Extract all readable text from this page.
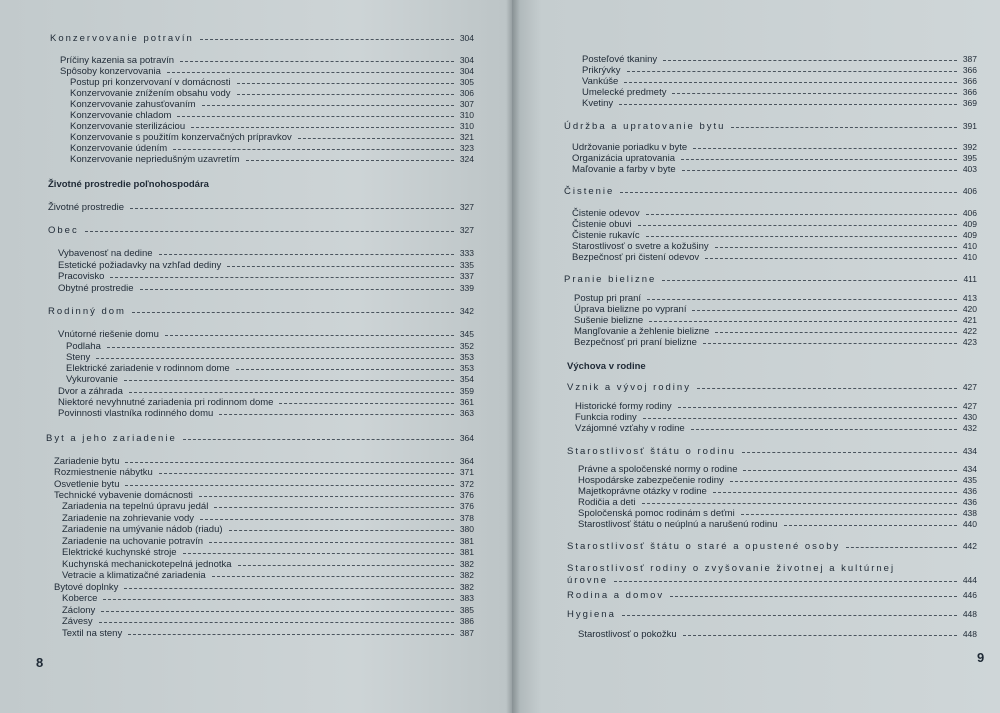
Konzervovanie potravín	304
Príčiny kazenia sa potravín	304
Spôsoby konzervovania	304
Postup pri konzervovaní v domácnosti	305
Konzervovanie znížením obsahu vody	306
Konzervovanie zahusťovaním	307
Konzervovanie chladom	310
Konzervovanie sterilizáciou	310
Konzervovanie s použitím konzervačných prípravkov	321
Konzervovanie údením	323
Konzervovanie nepriedušným uzavretím	324
Životné prostredie poľnohospodára
Životné prostredie	327
Obec	327
Vybavenosť na dedine	333
Estetické požiadavky na vzhľad dediny	335
Pracovisko	337
Obytné prostredie	339
Rodinný dom	342
Vnútorné riešenie domu	345
Podlaha	352
Steny	353
Elektrické zariadenie v rodinnom dome	353
Vykurovanie	354
Dvor a záhrada	359
Niektoré nevyhnutné zariadenia pri rodinnom dome	361
Povinnosti vlastníka rodinného domu	363
Byt a jeho zariadenie	364
Zariadenie bytu	364
Rozmiestnenie nábytku	371
Osvetlenie bytu	372
Technické vybavenie domácnosti	376
Zariadenia na tepelnú úpravu jedál	376
Zariadenie na zohrievanie vody	378
Zariadenie na umývanie nádob (riadu)	380
Zariadenie na uchovanie potravín	381
Elektrické kuchynské stroje	381
Kuchynská mechanickotepelná jednotka	382
Vetracie a klimatizačné zariadenia	382
Bytové doplnky	382
Koberce	383
Záclony	385
Závesy	386
Textil na steny	387
8
Posteľové tkaniny	387
Prikrývky	366
Vankúše	366
Umelecké predmety	366
Kvetiny	369
Údržba a upratovanie bytu	391
Udržovanie poriadku v byte	392
Organizácia upratovania	395
Maľovanie a farby v byte	403
Čistenie	406
Čistenie odevov	406
Čistenie obuvi	409
Čistenie rukavíc	409
Starostlivosť o svetre a kožušiny	410
Bezpečnosť pri čistení odevov	410
Pranie bielizne	411
Postup pri praní	413
Úprava bielizne po vypraní	420
Sušenie bielizne	421
Mangľovanie a žehlenie bielizne	422
Bezpečnosť pri praní bielizne	423
Výchova v rodine
Vznik a vývoj rodiny	427
Historické formy rodiny	427
Funkcia rodiny	430
Vzájomné vzťahy v rodine	432
Starostlivosť štátu o rodinu	434
Právne a spoločenské normy o rodine	434
Hospodárske zabezpečenie rodiny	435
Majetkoprávne otázky v rodine	436
Rodičia a deti	436
Spoločenská pomoc rodinám s deťmi	438
Starostlivosť štátu o neúplnú a narušenú rodinu	440
Starostlivosť štátu o staré a opustené osoby	442
Starostlivosť rodiny o zvyšovanie životnej a kultúrnej
úrovne	444
Rodina a domov	446
Hygiena	448
Starostlivosť o pokožku	448
9
